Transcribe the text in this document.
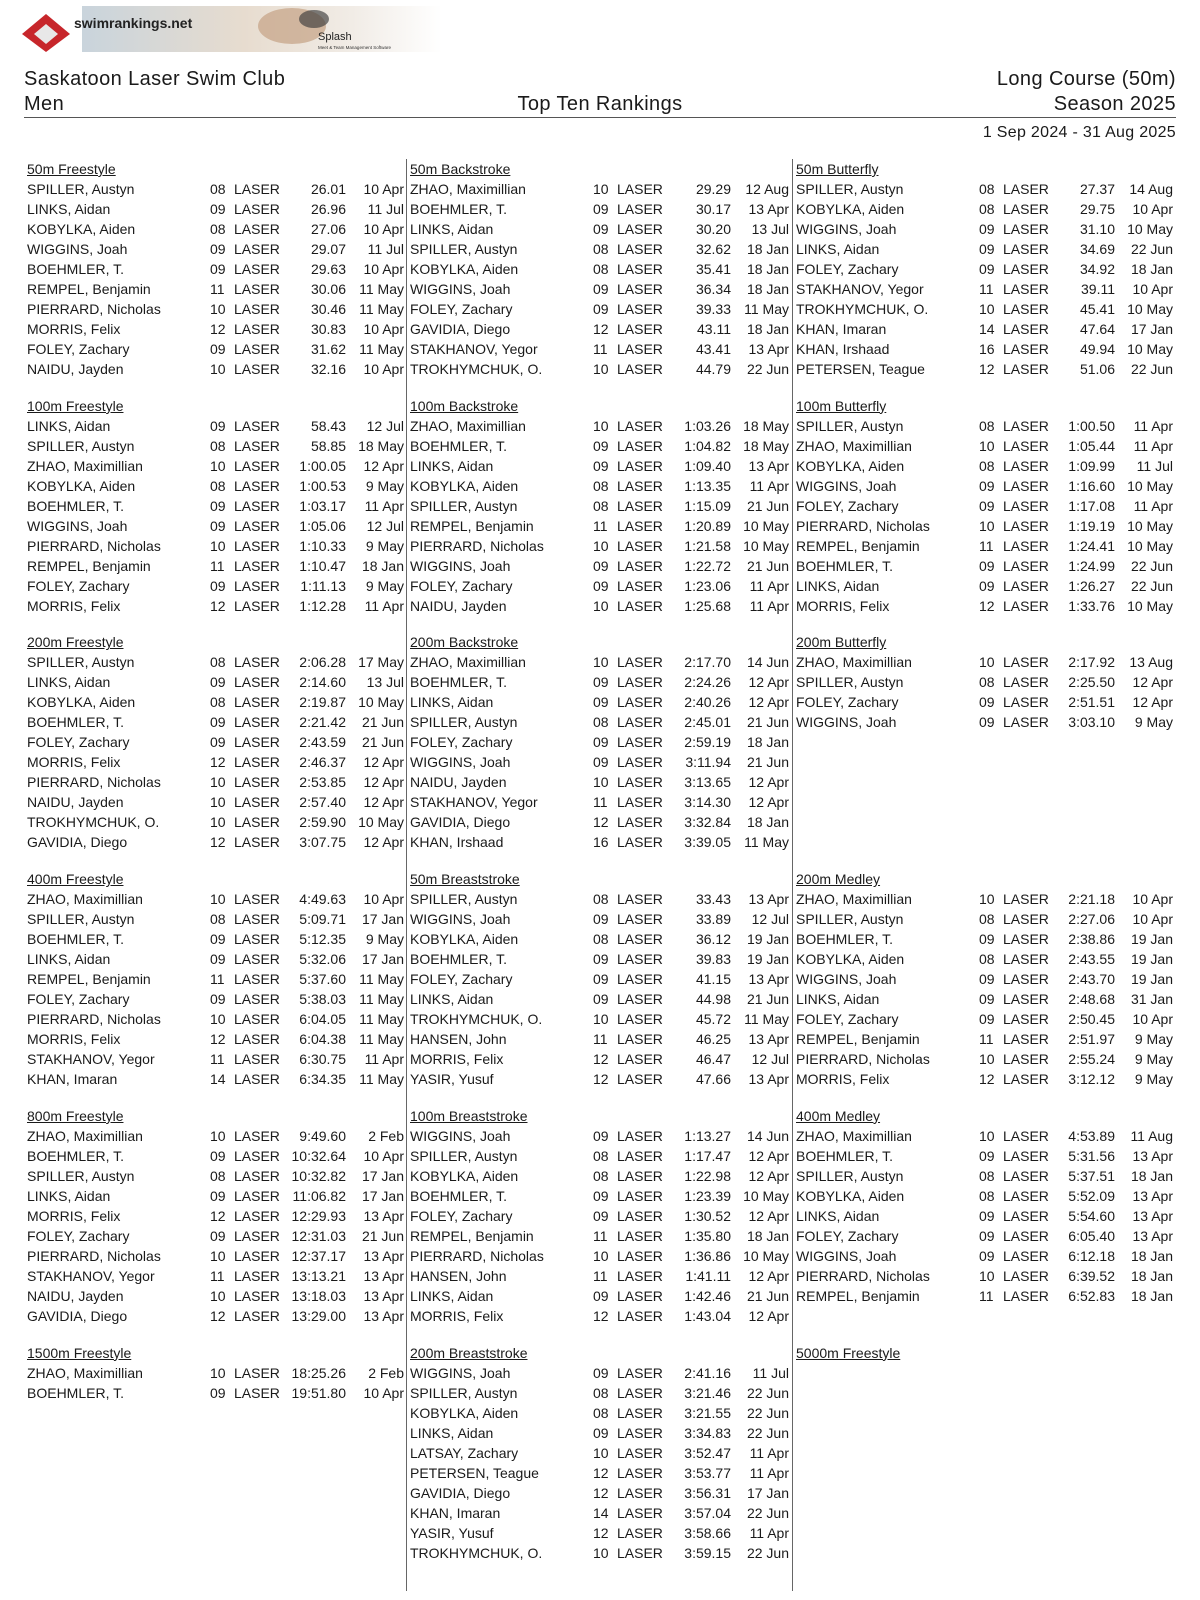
swimrankings.net
Splash
Meet & Team Management Software
Saskatoon Laser Swim Club
Men	Top Ten Rankings
Long Course (50m)
Season 2025
1 Sep 2024 - 31 Aug 2025
50m Freestyle
SPILLER, Austyn	08 LASER 26.01 10 Apr
LINKS, Aidan	09 LASER 26.96 11 Jul
KOBYLKA, Aiden	08 LASER 27.06 10 Apr
WIGGINS, Joah	09 LASER 29.07 11 Jul
BOEHMLER, T.	09 LASER 29.63 10 Apr
REMPEL, Benjamin	11 LASER 30.06 11 May
PIERRARD, Nicholas	10 LASER 30.46 11 May
MORRIS, Felix	12 LASER 30.83 10 Apr
FOLEY, Zachary	09 LASER 31.62 11 May
NAIDU, Jayden	10 LASER 32.16 10 Apr
100m Freestyle
LINKS, Aidan	09 LASER 58.43 12 Jul
SPILLER, Austyn	08 LASER 58.85 18 May
ZHAO, Maximillian	10 LASER 1:00.05 12 Apr
KOBYLKA, Aiden	08 LASER 1:00.53 9 May
BOEHMLER, T.	09 LASER 1:03.17 11 Apr
WIGGINS, Joah	09 LASER 1:05.06 12 Jul
PIERRARD, Nicholas	10 LASER 1:10.33 9 May
REMPEL, Benjamin	11 LASER 1:10.47 18 Jan
FOLEY, Zachary	09 LASER 1:11.13 9 May
MORRIS, Felix	12 LASER 1:12.28 11 Apr
200m Freestyle
SPILLER, Austyn	08 LASER 2:06.28 17 May
LINKS, Aidan	09 LASER 2:14.60 13 Jul
KOBYLKA, Aiden	08 LASER 2:19.87 10 May
BOEHMLER, T.	09 LASER 2:21.42 21 Jun
FOLEY, Zachary	09 LASER 2:43.59 21 Jun
MORRIS, Felix	12 LASER 2:46.37 12 Apr
PIERRARD, Nicholas	10 LASER 2:53.85 12 Apr
NAIDU, Jayden	10 LASER 2:57.40 12 Apr
TROKHYMCHUK, O.	10 LASER 2:59.90 10 May
GAVIDIA, Diego	12 LASER 3:07.75 12 Apr
400m Freestyle
ZHAO, Maximillian	10 LASER 4:49.63 10 Apr
SPILLER, Austyn	08 LASER 5:09.71 17 Jan
BOEHMLER, T.	09 LASER 5:12.35 9 May
LINKS, Aidan	09 LASER 5:32.06 17 Jan
REMPEL, Benjamin	11 LASER 5:37.60 11 May
FOLEY, Zachary	09 LASER 5:38.03 11 May
PIERRARD, Nicholas	10 LASER 6:04.05 11 May
MORRIS, Felix	12 LASER 6:04.38 11 May
STAKHANOV, Yegor	11 LASER 6:30.75 11 Apr
KHAN, Imaran	14 LASER 6:34.35 11 May
800m Freestyle
ZHAO, Maximillian	10 LASER 9:49.60 2 Feb
BOEHMLER, T.	09 LASER 10:32.64 10 Apr
SPILLER, Austyn	08 LASER 10:32.82 17 Jan
LINKS, Aidan	09 LASER 11:06.82 17 Jan
MORRIS, Felix	12 LASER 12:29.93 13 Apr
FOLEY, Zachary	09 LASER 12:31.03 21 Jun
PIERRARD, Nicholas	10 LASER 12:37.17 13 Apr
STAKHANOV, Yegor	11 LASER 13:13.21 13 Apr
NAIDU, Jayden	10 LASER 13:18.03 13 Apr
GAVIDIA, Diego	12 LASER 13:29.00 13 Apr
1500m Freestyle
ZHAO, Maximillian	10 LASER 18:25.26 2 Feb
BOEHMLER, T.	09 LASER 19:51.80 10 Apr
50m Backstroke
ZHAO, Maximillian	10 LASER 29.29 12 Aug
BOEHMLER, T.	09 LASER 30.17 13 Apr
LINKS, Aidan	09 LASER 30.20 13 Jul
SPILLER, Austyn	08 LASER 32.62 18 Jan
KOBYLKA, Aiden	08 LASER 35.41 18 Jan
WIGGINS, Joah	09 LASER 36.34 18 Jan
FOLEY, Zachary	09 LASER 39.33 11 May
GAVIDIA, Diego	12 LASER 43.11 18 Jan
STAKHANOV, Yegor	11 LASER 43.41 13 Apr
TROKHYMCHUK, O.	10 LASER 44.79 22 Jun
100m Backstroke
ZHAO, Maximillian	10 LASER 1:03.26 18 May
BOEHMLER, T.	09 LASER 1:04.82 18 May
LINKS, Aidan	09 LASER 1:09.40 13 Apr
KOBYLKA, Aiden	08 LASER 1:13.35 11 Apr
SPILLER, Austyn	08 LASER 1:15.09 21 Jun
REMPEL, Benjamin	11 LASER 1:20.89 10 May
PIERRARD, Nicholas	10 LASER 1:21.58 10 May
WIGGINS, Joah	09 LASER 1:22.72 21 Jun
FOLEY, Zachary	09 LASER 1:23.06 11 Apr
NAIDU, Jayden	10 LASER 1:25.68 11 Apr
200m Backstroke
ZHAO, Maximillian	10 LASER 2:17.70 14 Jun
BOEHMLER, T.	09 LASER 2:24.26 12 Apr
LINKS, Aidan	09 LASER 2:40.26 12 Apr
SPILLER, Austyn	08 LASER 2:45.01 21 Jun
FOLEY, Zachary	09 LASER 2:59.19 18 Jan
WIGGINS, Joah	09 LASER 3:11.94 21 Jun
NAIDU, Jayden	10 LASER 3:13.65 12 Apr
STAKHANOV, Yegor	11 LASER 3:14.30 12 Apr
GAVIDIA, Diego	12 LASER 3:32.84 18 Jan
KHAN, Irshaad	16 LASER 3:39.05 11 May
50m Breaststroke
SPILLER, Austyn	08 LASER 33.43 13 Apr
WIGGINS, Joah	09 LASER 33.89 12 Jul
KOBYLKA, Aiden	08 LASER 36.12 19 Jan
BOEHMLER, T.	09 LASER 39.83 19 Jan
FOLEY, Zachary	09 LASER 41.15 13 Apr
LINKS, Aidan	09 LASER 44.98 21 Jun
TROKHYMCHUK, O.	10 LASER 45.72 11 May
HANSEN, John	11 LASER 46.25 13 Apr
MORRIS, Felix	12 LASER 46.47 12 Jul
YASIR, Yusuf	12 LASER 47.66 13 Apr
100m Breaststroke
WIGGINS, Joah	09 LASER 1:13.27 14 Jun
SPILLER, Austyn	08 LASER 1:17.47 12 Apr
KOBYLKA, Aiden	08 LASER 1:22.98 12 Apr
BOEHMLER, T.	09 LASER 1:23.39 10 May
FOLEY, Zachary	09 LASER 1:30.52 12 Apr
REMPEL, Benjamin	11 LASER 1:35.80 18 Jan
PIERRARD, Nicholas	10 LASER 1:36.86 10 May
HANSEN, John	11 LASER 1:41.11 12 Apr
LINKS, Aidan	09 LASER 1:42.46 21 Jun
MORRIS, Felix	12 LASER 1:43.04 12 Apr
200m Breaststroke
WIGGINS, Joah	09 LASER 2:41.16 11 Jul
SPILLER, Austyn	08 LASER 3:21.46 22 Jun
KOBYLKA, Aiden	08 LASER 3:21.55 22 Jun
LINKS, Aidan	09 LASER 3:34.83 22 Jun
LATSAY, Zachary	10 LASER 3:52.47 11 Apr
PETERSEN, Teague	12 LASER 3:53.77 11 Apr
GAVIDIA, Diego	12 LASER 3:56.31 17 Jan
KHAN, Imaran	14 LASER 3:57.04 22 Jun
YASIR, Yusuf	12 LASER 3:58.66 11 Apr
TROKHYMCHUK, O.	10 LASER 3:59.15 22 Jun
50m Butterfly
SPILLER, Austyn	08 LASER 27.37 14 Aug
KOBYLKA, Aiden	08 LASER 29.75 10 Apr
WIGGINS, Joah	09 LASER 31.10 10 May
LINKS, Aidan	09 LASER 34.69 22 Jun
FOLEY, Zachary	09 LASER 34.92 18 Jan
STAKHANOV, Yegor	11 LASER 39.11 10 Apr
TROKHYMCHUK, O.	10 LASER 45.41 10 May
KHAN, Imaran	14 LASER 47.64 17 Jan
KHAN, Irshaad	16 LASER 49.94 10 May
PETERSEN, Teague	12 LASER 51.06 22 Jun
100m Butterfly
SPILLER, Austyn	08 LASER 1:00.50 11 Apr
ZHAO, Maximillian	10 LASER 1:05.44 11 Apr
KOBYLKA, Aiden	08 LASER 1:09.99 11 Jul
WIGGINS, Joah	09 LASER 1:16.60 10 May
FOLEY, Zachary	09 LASER 1:17.08 11 Apr
PIERRARD, Nicholas	10 LASER 1:19.19 10 May
REMPEL, Benjamin	11 LASER 1:24.41 10 May
BOEHMLER, T.	09 LASER 1:24.99 22 Jun
LINKS, Aidan	09 LASER 1:26.27 22 Jun
MORRIS, Felix	12 LASER 1:33.76 10 May
200m Butterfly
ZHAO, Maximillian	10 LASER 2:17.92 13 Aug
SPILLER, Austyn	08 LASER 2:25.50 12 Apr
FOLEY, Zachary	09 LASER 2:51.51 12 Apr
WIGGINS, Joah	09 LASER 3:03.10 9 May
200m Medley
ZHAO, Maximillian	10 LASER 2:21.18 10 Apr
SPILLER, Austyn	08 LASER 2:27.06 10 Apr
BOEHMLER, T.	09 LASER 2:38.86 19 Jan
KOBYLKA, Aiden	08 LASER 2:43.55 19 Jan
WIGGINS, Joah	09 LASER 2:43.70 19 Jan
LINKS, Aidan	09 LASER 2:48.68 31 Jan
FOLEY, Zachary	09 LASER 2:50.45 10 Apr
REMPEL, Benjamin	11 LASER 2:51.97 9 May
PIERRARD, Nicholas	10 LASER 2:55.24 9 May
MORRIS, Felix	12 LASER 3:12.12 9 May
400m Medley
ZHAO, Maximillian	10 LASER 4:53.89 11 Aug
BOEHMLER, T.	09 LASER 5:31.56 13 Apr
SPILLER, Austyn	08 LASER 5:37.51 18 Jan
KOBYLKA, Aiden	08 LASER 5:52.09 13 Apr
LINKS, Aidan	09 LASER 5:54.60 13 Apr
FOLEY, Zachary	09 LASER 6:05.40 13 Apr
WIGGINS, Joah	09 LASER 6:12.18 18 Jan
PIERRARD, Nicholas	10 LASER 6:39.52 18 Jan
REMPEL, Benjamin	11 LASER 6:52.83 18 Jan
5000m Freestyle
